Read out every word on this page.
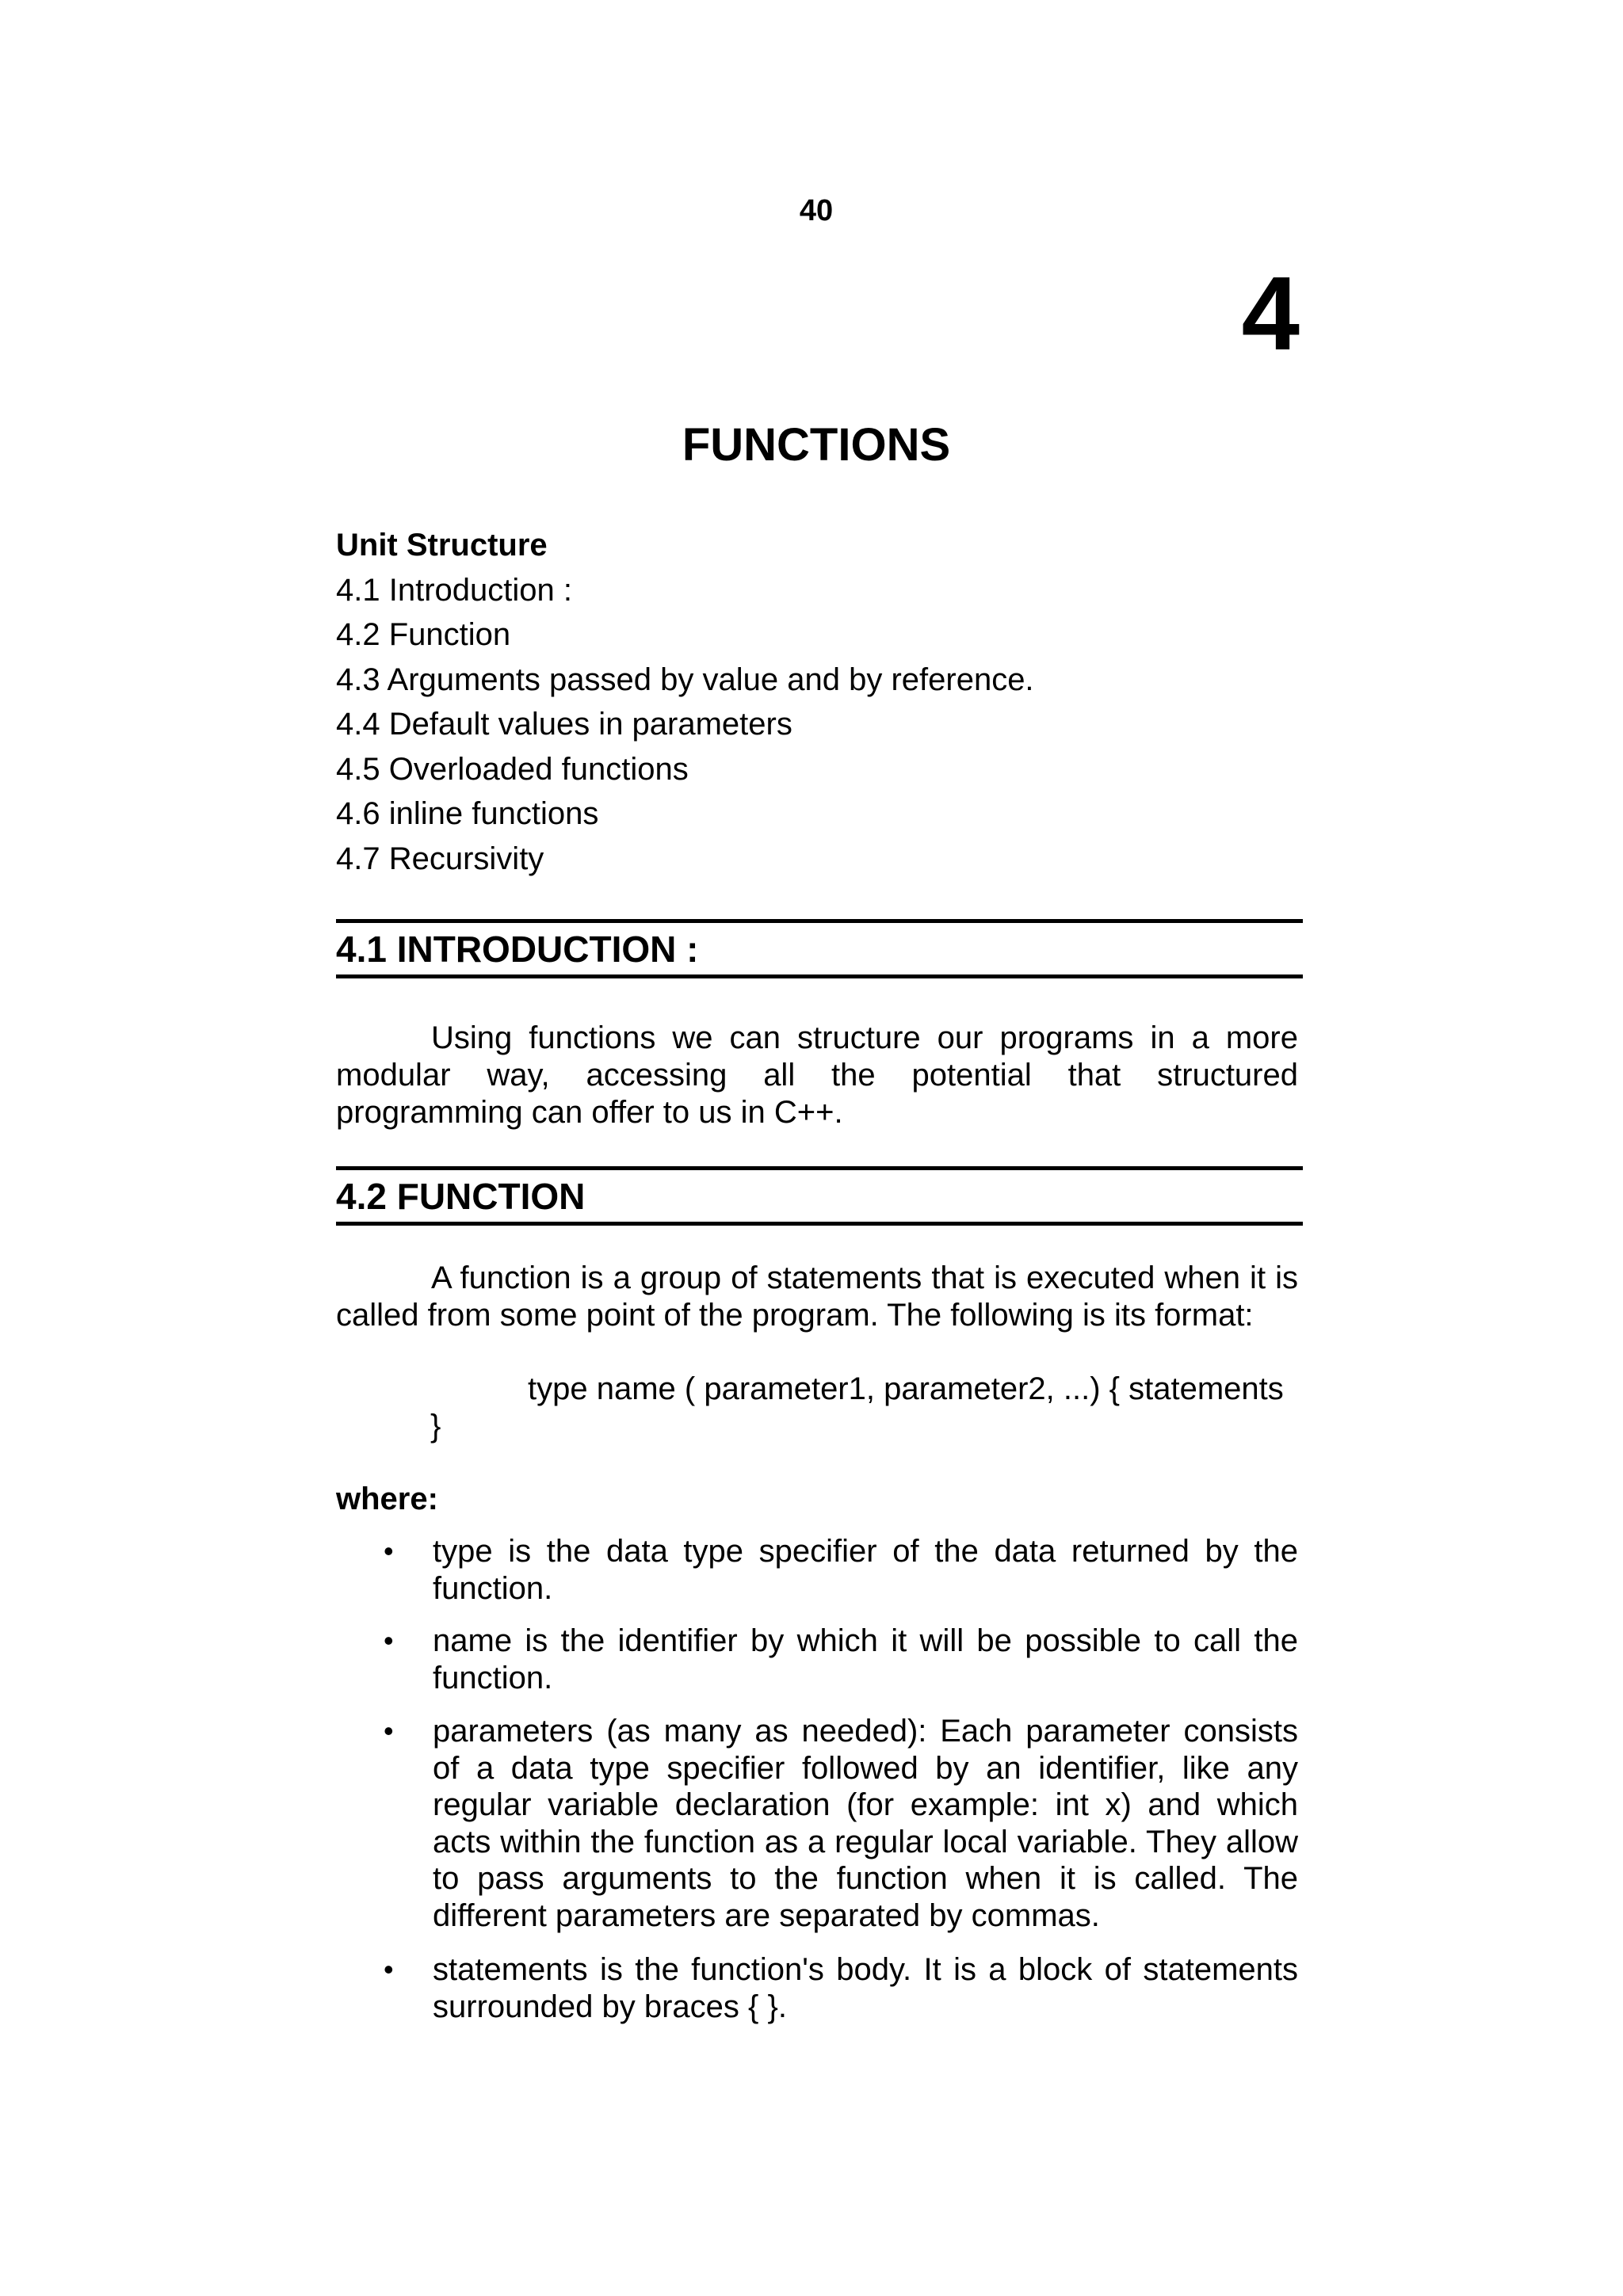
40
4
FUNCTIONS
Unit Structure
4.1 Introduction :
4.2 Function
4.3 Arguments passed by value and by reference.
4.4 Default values in parameters
4.5 Overloaded functions
4.6 inline functions
4.7 Recursivity
4.1 INTRODUCTION :
Using functions we can structure our programs in a more modular way, accessing all the potential that structured programming can offer to us in C++.
4.2 FUNCTION
A function is a group of statements that is executed when it is called from some point of the program. The following is its format:
type name ( parameter1, parameter2, ...) { statements
}
where:
• type is the data type specifier of the data returned by the function.
• name is the identifier by which it will be possible to call the function.
• parameters (as many as needed): Each parameter consists of a data type specifier followed by an identifier, like any regular variable declaration (for example: int x) and which acts within the function as a regular local variable. They allow to pass arguments to the function when it is called. The different parameters are separated by commas.
• statements is the function's body. It is a block of statements surrounded by braces { }.
